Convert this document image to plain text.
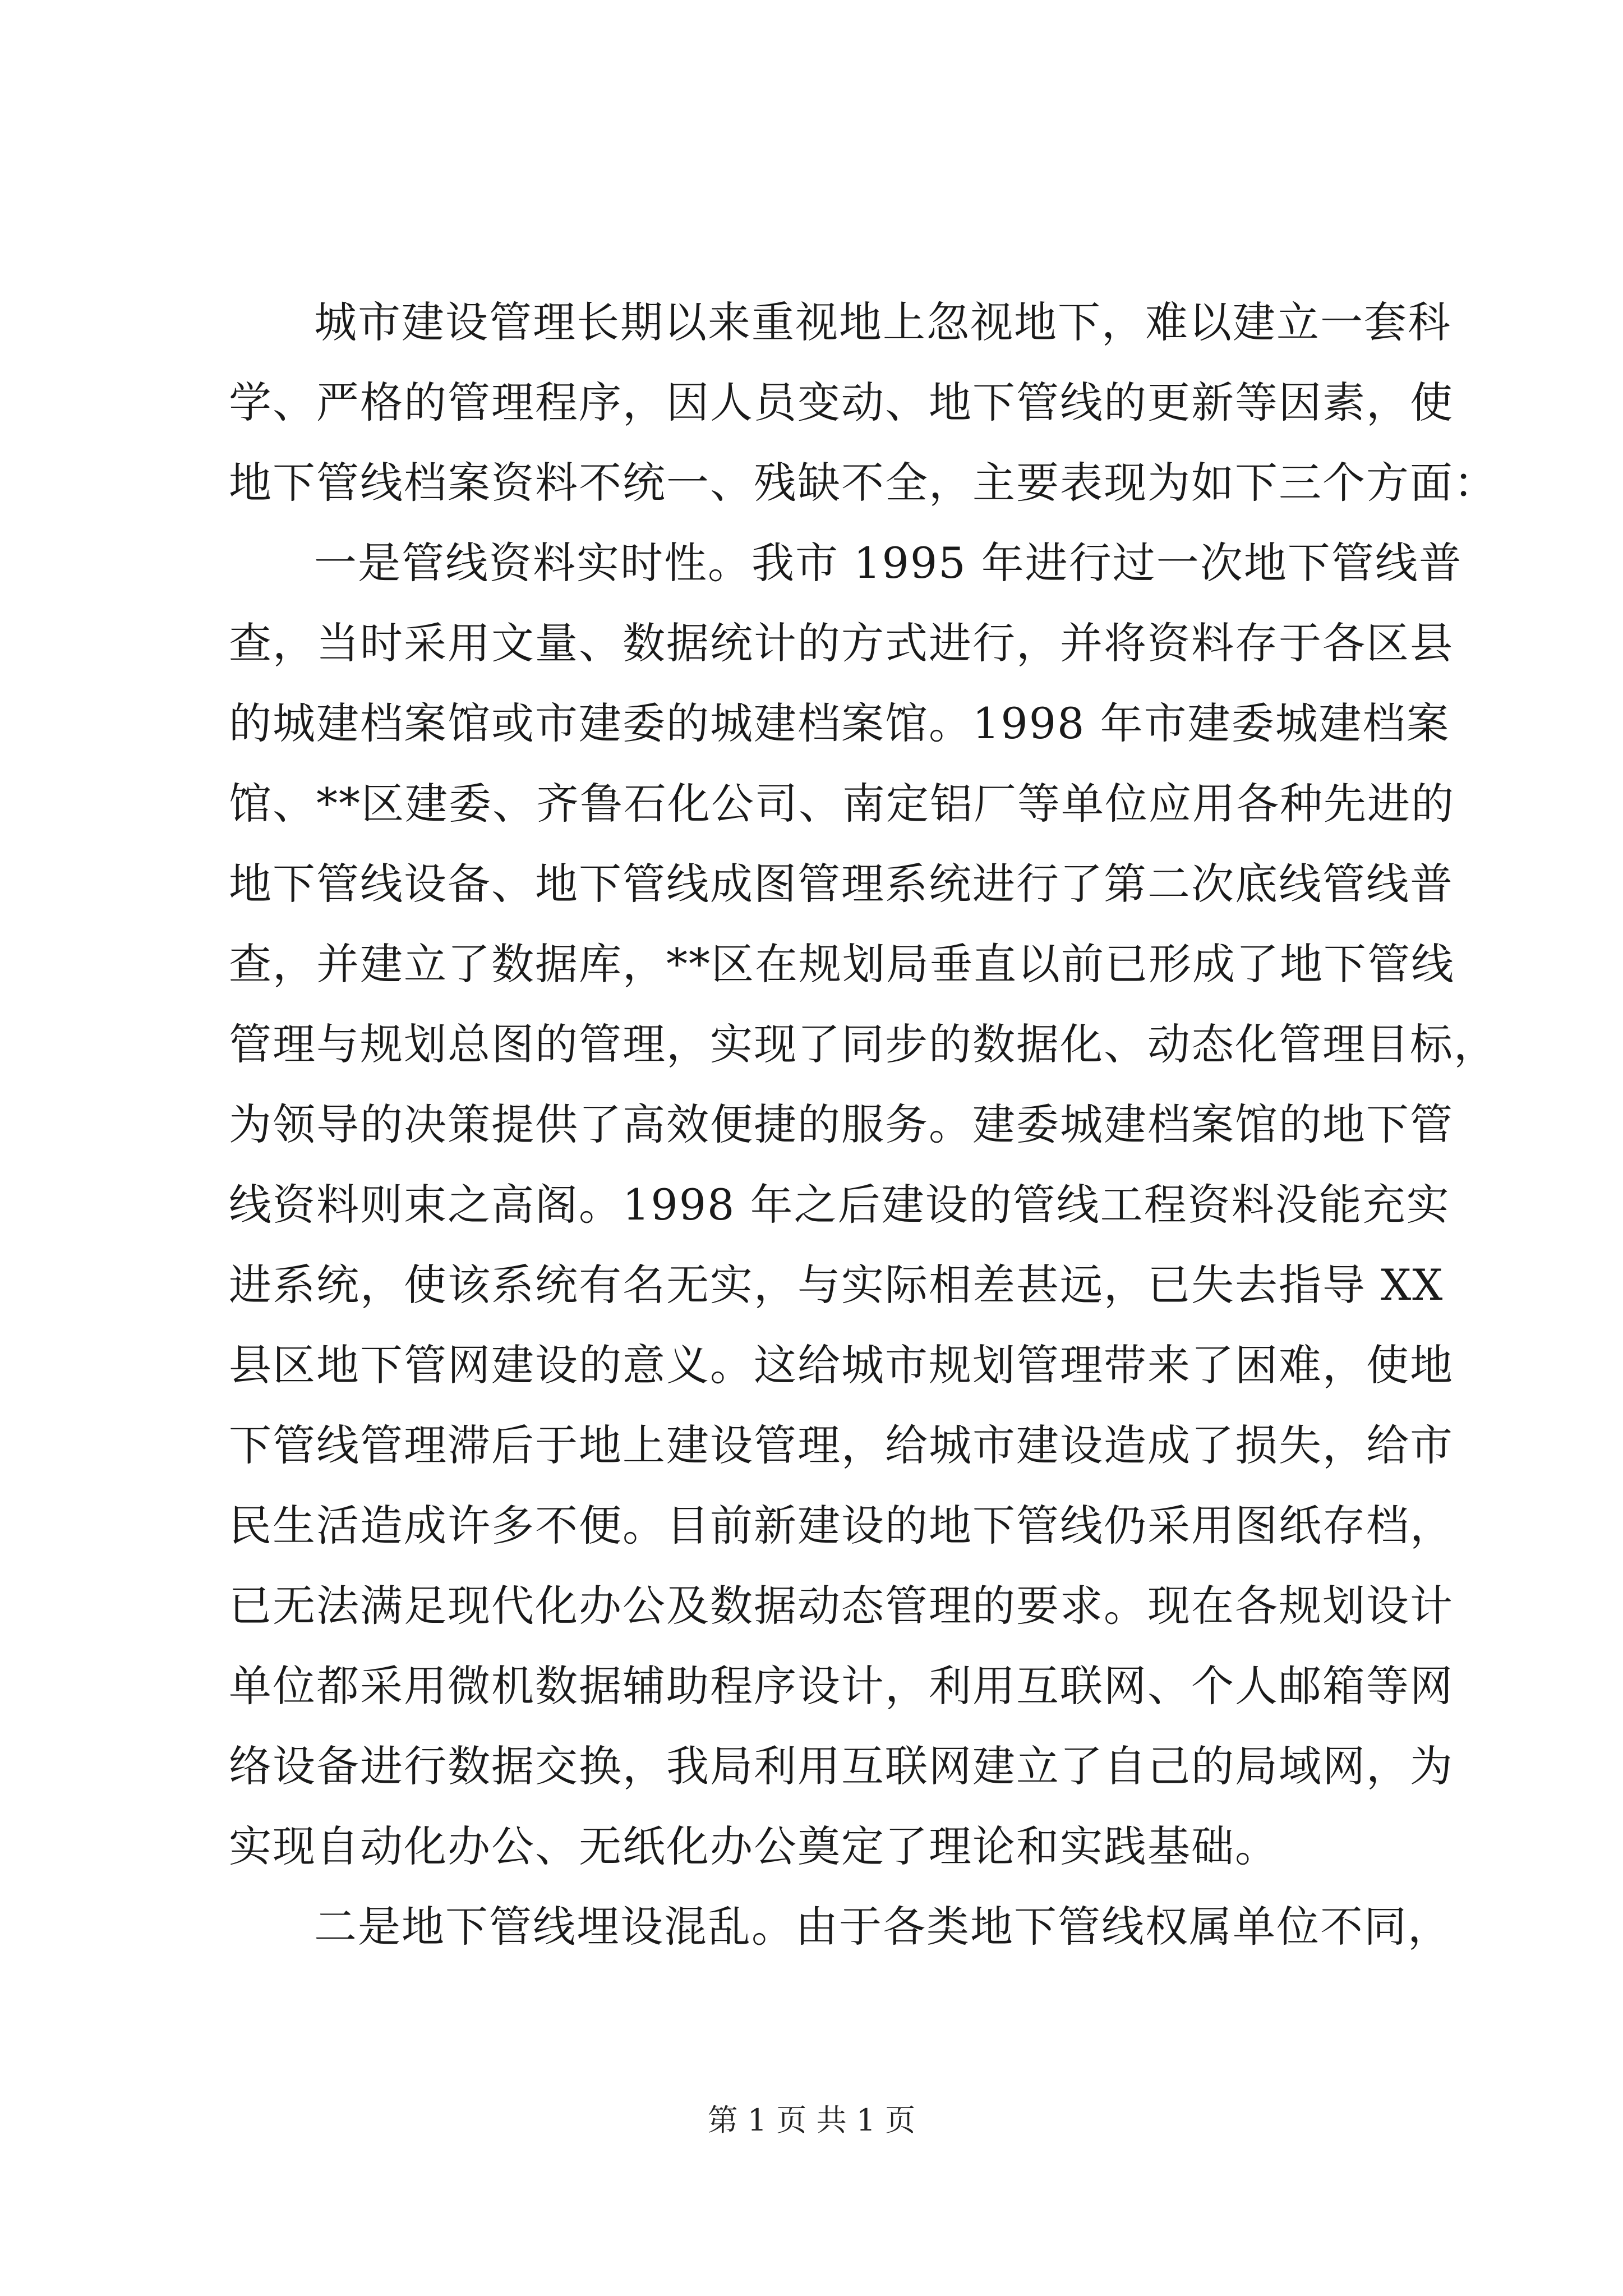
城市建设管理长期以来重视地上忽视地下，难以建立一套科
学、严格的管理程序，因人员变动、地下管线的更新等因素，使
地下管线档案资料不统一、残缺不全，主要表现为如下三个方面：
一是管线资料实时性。我市 1995 年进行过一次地下管线普
查，当时采用文量、数据统计的方式进行，并将资料存于各区县
的城建档案馆或市建委的城建档案馆。1998 年市建委城建档案
馆、**区建委、齐鲁石化公司、南定铝厂等单位应用各种先进的
地下管线设备、地下管线成图管理系统进行了第二次底线管线普
查，并建立了数据库，**区在规划局垂直以前已形成了地下管线
管理与规划总图的管理，实现了同步的数据化、动态化管理目标，
为领导的决策提供了高效便捷的服务。建委城建档案馆的地下管
线资料则束之高阁。1998 年之后建设的管线工程资料没能充实
进系统，使该系统有名无实，与实际相差甚远，已失去指导 XX
县区地下管网建设的意义。这给城市规划管理带来了困难，使地
下管线管理滞后于地上建设管理，给城市建设造成了损失，给市
民生活造成许多不便。目前新建设的地下管线仍采用图纸存档，
已无法满足现代化办公及数据动态管理的要求。现在各规划设计
单位都采用微机数据辅助程序设计，利用互联网、个人邮箱等网
络设备进行数据交换，我局利用互联网建立了自己的局域网，为
实现自动化办公、无纸化办公奠定了理论和实践基础。
二是地下管线埋设混乱。由于各类地下管线权属单位不同，
第 1 页 共 1 页
